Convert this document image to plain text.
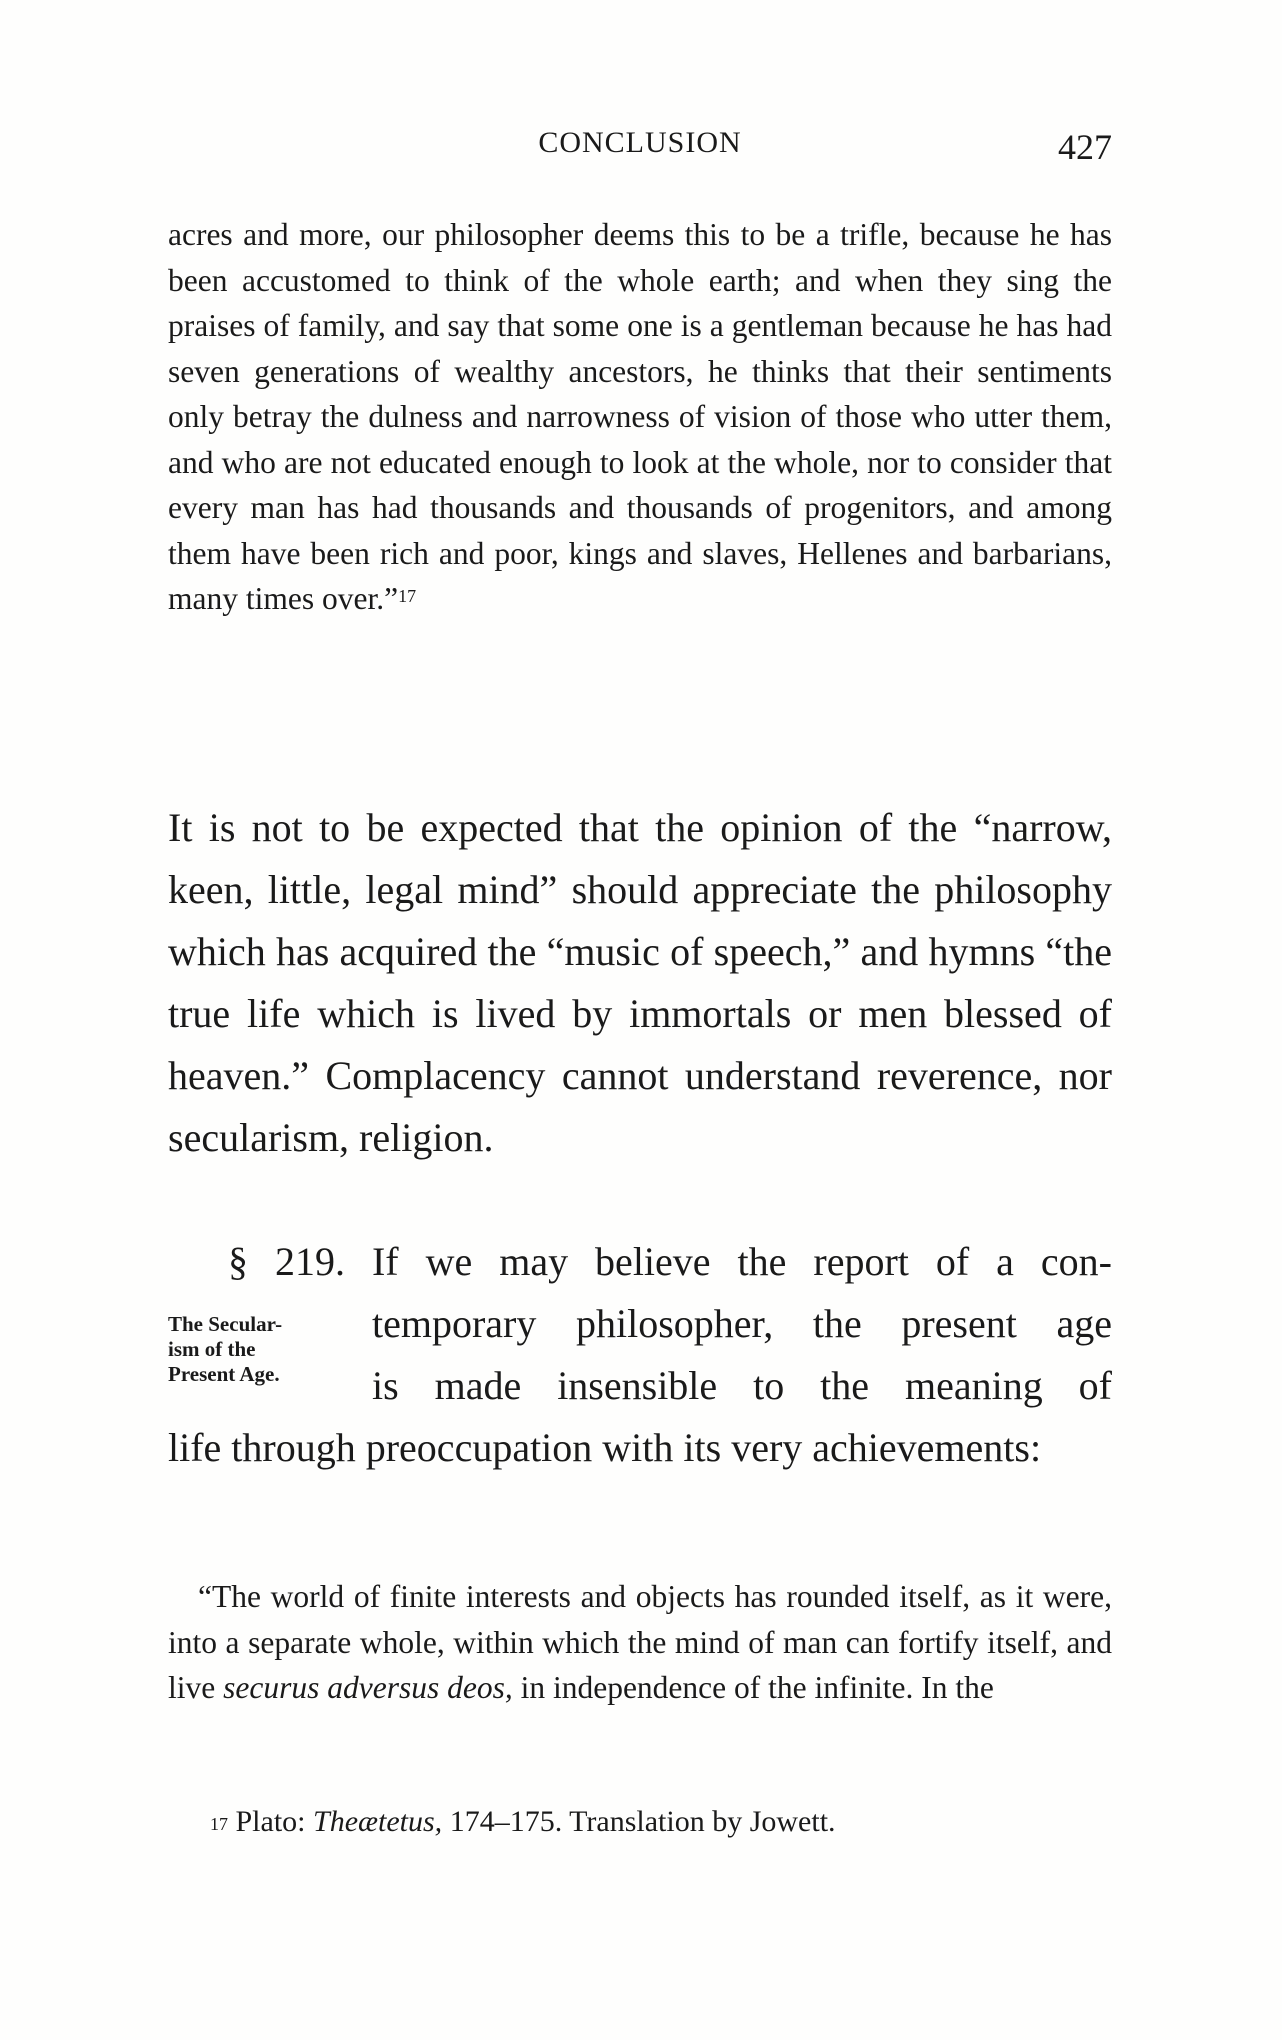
CONCLUSION	427
acres and more, our philosopher deems this to be a trifle, because he has been accustomed to think of the whole earth; and when they sing the praises of family, and say that some one is a gentleman because he has had seven generations of wealthy ancestors, he thinks that their sentiments only betray the dulness and narrowness of vision of those who utter them, and who are not educated enough to look at the whole, nor to consider that every man has had thousands and thousands of progenitors, and among them have been rich and poor, kings and slaves, Hellenes and barbarians, many times over.”$^{17}$
It is not to be expected that the opinion of the “narrow, keen, little, legal mind” should appreciate the philosophy which has acquired the “music of speech,” and hymns “the true life which is lived by immortals or men blessed of heaven.” Complacency cannot understand reverence, nor secularism, religion.
§ 219. If we may believe the report of a con-
temporary philosopher, the present age
is made insensible to the meaning of
life through preoccupation with its very achievements:
The Secular-
ism of the
Present Age.
“The world of finite interests and objects has rounded itself, as it were, into a separate whole, within which the mind of man can fortify itself, and live securus adversus deos, in independence of the infinite. In the
$^{17}$ Plato: Theætetus, 174–175. Translation by Jowett.
